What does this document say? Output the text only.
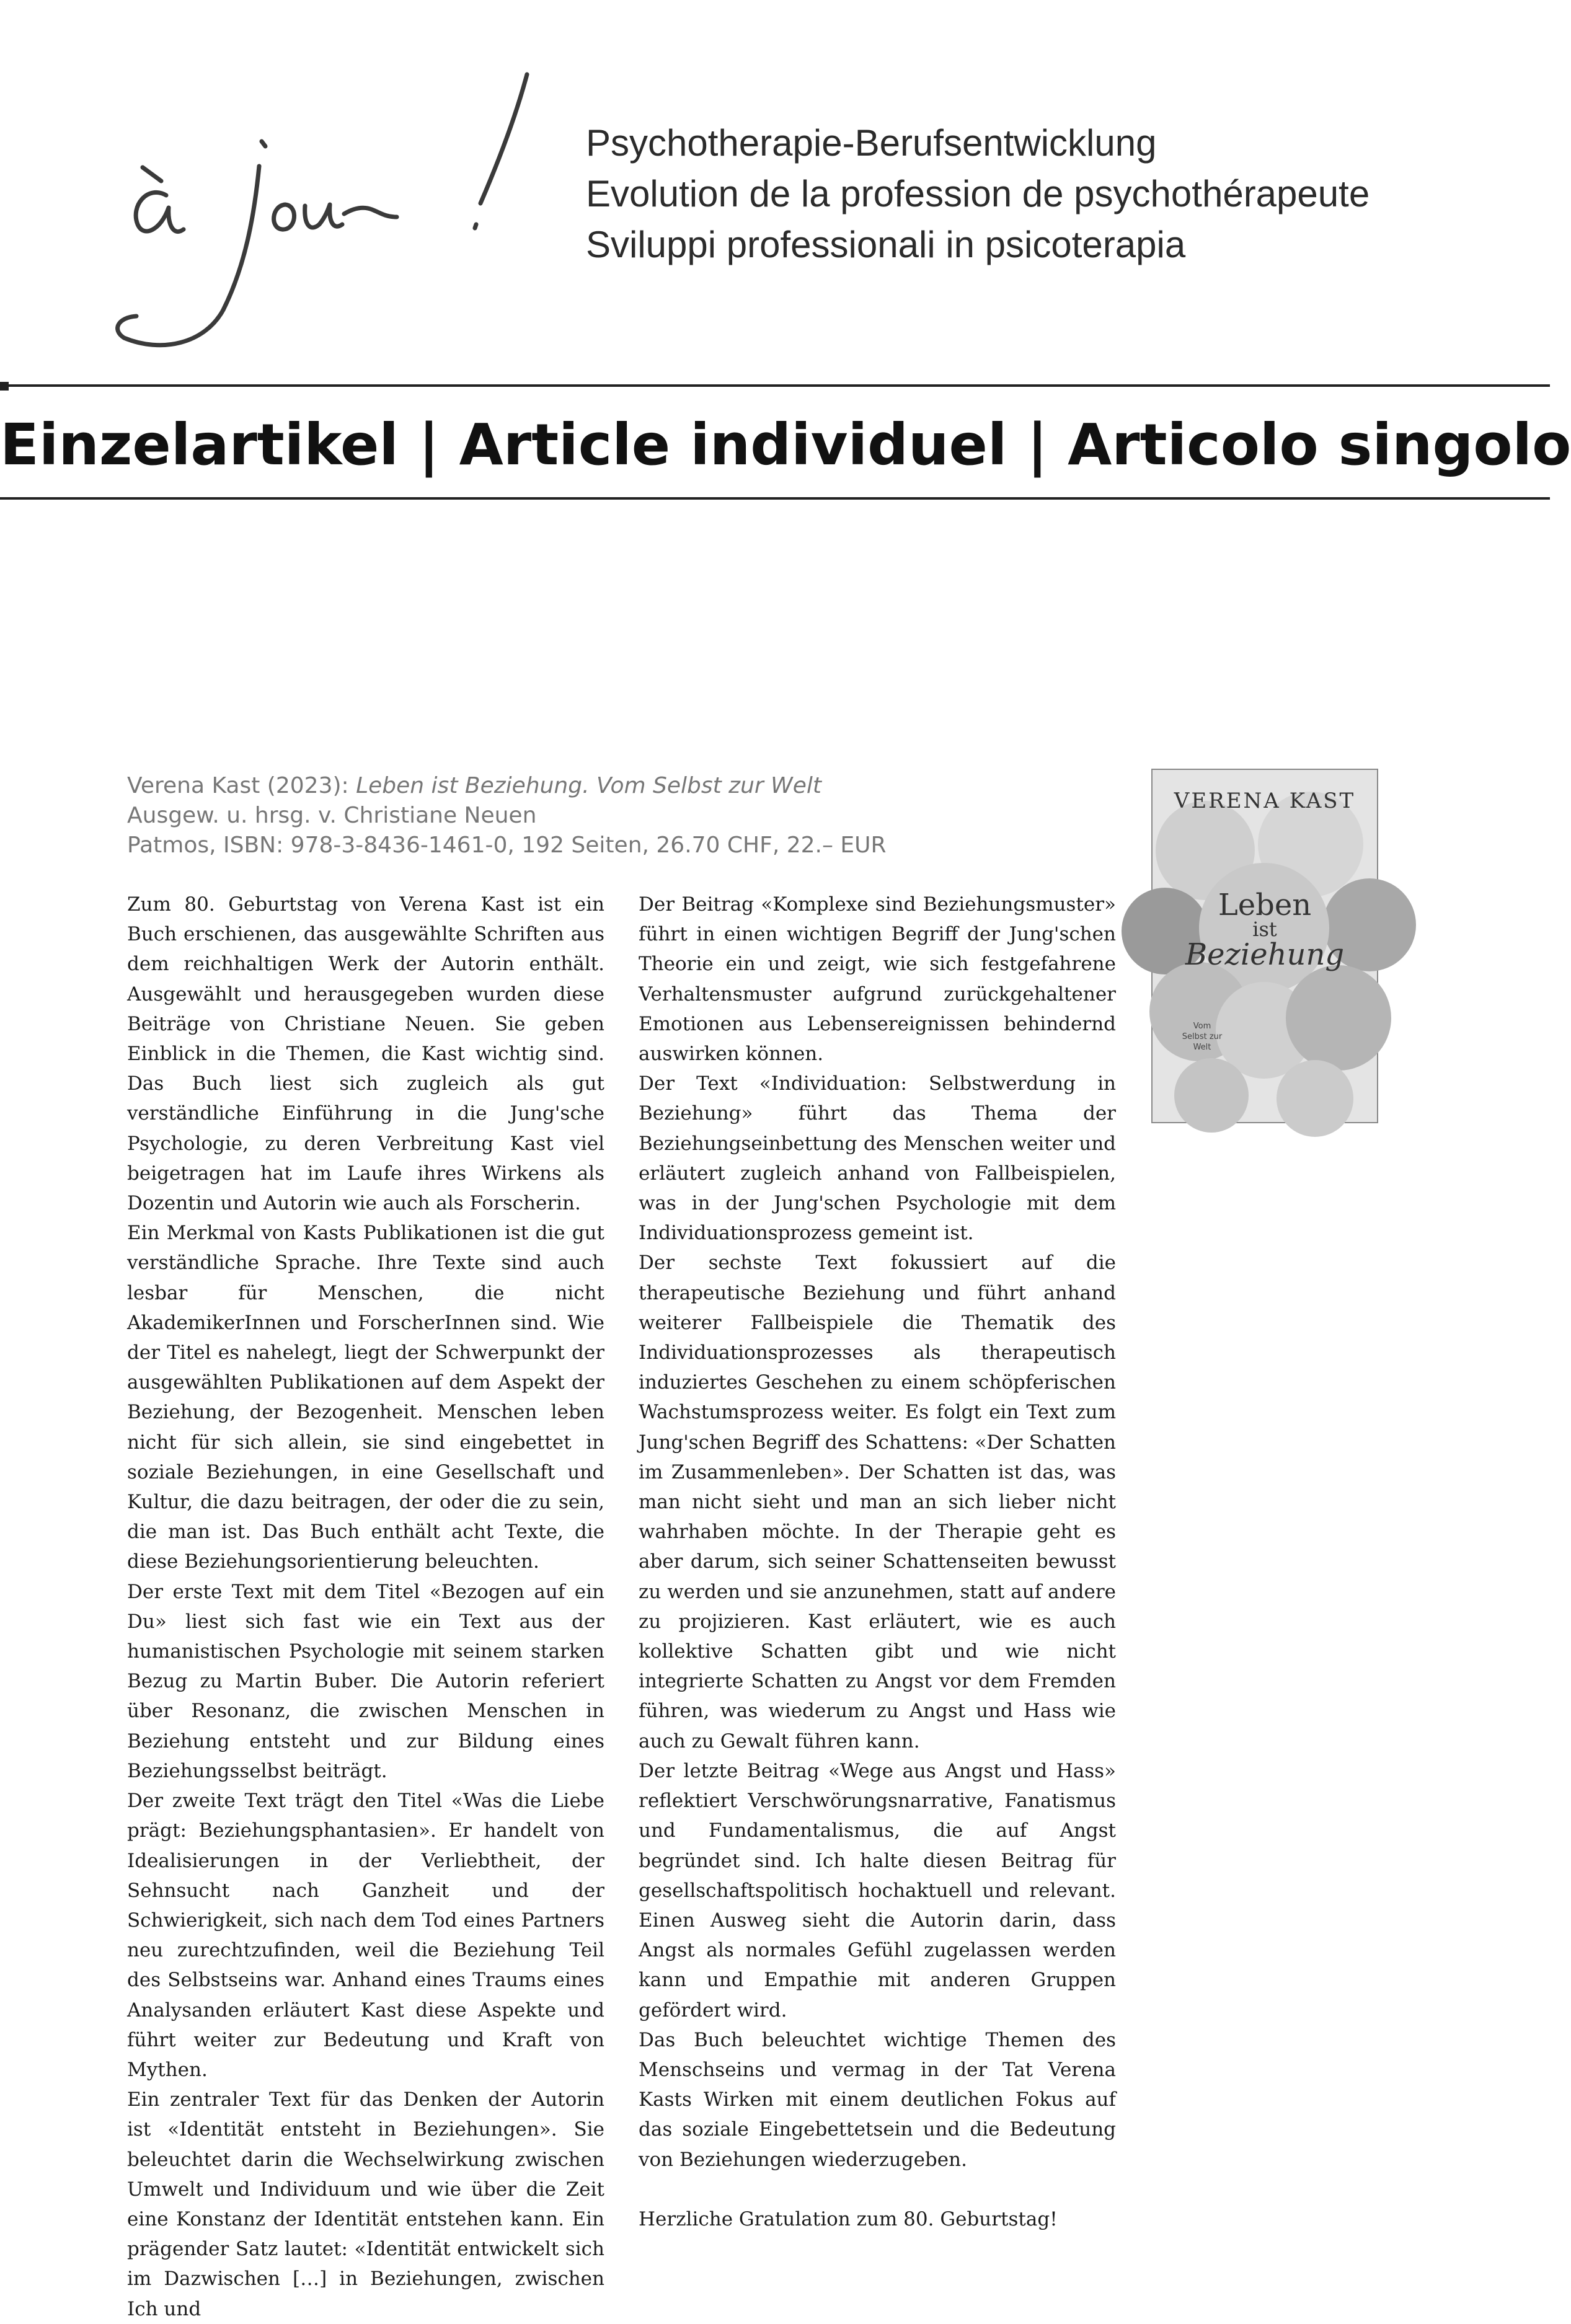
Psychotherapie-Berufsentwicklung
Evolution de la profession de psychothérapeute
Sviluppi professionali in psicoterapia
Einzelartikel | Article individuel | Articolo singolo
Verena Kast (2023): Leben ist Beziehung. Vom Selbst zur Welt
Ausgew. u. hrsg. v. Christiane Neuen
Patmos, ISBN: 978-3-8436-1461-0, 192 Seiten, 26.70 CHF, 22.– EUR
VERENA KAST
Leben
ist
Beziehung
Vom
Selbst zur
Welt

Zum 80. Geburtstag von Verena Kast ist ein Buch erschienen, das ausgewählte Schriften aus dem reichhaltigen Werk der Autorin enthält. Ausgewählt und herausgegeben wurden diese Beiträge von Christiane Neuen. Sie geben Einblick in die Themen, die Kast wichtig sind. Das Buch liest sich zugleich als gut verständliche Einführung in die Jung'sche Psychologie, zu deren Verbreitung Kast viel beigetragen hat im Laufe ihres Wirkens als Dozentin und Autorin wie auch als Forscherin.

Ein Merkmal von Kasts Publikationen ist die gut verständliche Sprache. Ihre Texte sind auch lesbar für Menschen, die nicht AkademikerInnen und ForscherInnen sind. Wie der Titel es nahelegt, liegt der Schwerpunkt der ausgewählten Publikationen auf dem Aspekt der Beziehung, der Bezogenheit. Menschen leben nicht für sich allein, sie sind eingebettet in soziale Beziehungen, in eine Gesellschaft und Kultur, die dazu beitragen, der oder die zu sein, die man ist. Das Buch enthält acht Texte, die diese Beziehungsorientierung beleuchten.

Der erste Text mit dem Titel «Bezogen auf ein Du» liest sich fast wie ein Text aus der humanistischen Psychologie mit seinem starken Bezug zu Martin Buber. Die Autorin referiert über Resonanz, die zwischen Menschen in Beziehung entsteht und zur Bildung eines Beziehungsselbst beiträgt.

Der zweite Text trägt den Titel «Was die Liebe prägt: Beziehungsphantasien». Er handelt von Idealisierungen in der Verliebtheit, der Sehnsucht nach Ganzheit und der Schwierigkeit, sich nach dem Tod eines Partners neu zurechtzufinden, weil die Beziehung Teil des Selbstseins war. Anhand eines Traums eines Analysanden erläutert Kast diese Aspekte und führt weiter zur Bedeutung und Kraft von Mythen.

Ein zentraler Text für das Denken der Autorin ist «Identität entsteht in Beziehungen». Sie beleuchtet darin die Wechselwirkung zwischen Umwelt und Individuum und wie über die Zeit eine Konstanz der Identität entstehen kann. Ein prägender Satz lautet: «Identität entwickelt sich im Dazwischen […] in Beziehungen, zwischen Ich und

Der Beitrag «Komplexe sind Beziehungsmuster» führt in einen wichtigen Begriff der Jung'schen Theorie ein und zeigt, wie sich festgefahrene Verhaltensmuster aufgrund zurückgehaltener Emotionen aus Lebensereignissen behindernd auswirken können.

Der Text «Individuation: Selbstwerdung in Beziehung» führt das Thema der Beziehungseinbettung des Menschen weiter und erläutert zugleich anhand von Fallbeispielen, was in der Jung'schen Psychologie mit dem Individuationsprozess gemeint ist.

Der sechste Text fokussiert auf die therapeutische Beziehung und führt anhand weiterer Fallbeispiele die Thematik des Individuationsprozesses als therapeutisch induziertes Geschehen zu einem schöpferischen Wachstumsprozess weiter. Es folgt ein Text zum Jung'schen Begriff des Schattens: «Der Schatten im Zusammenleben». Der Schatten ist das, was man nicht sieht und man an sich lieber nicht wahrhaben möchte. In der Therapie geht es aber darum, sich seiner Schattenseiten bewusst zu werden und sie anzunehmen, statt auf andere zu projizieren. Kast erläutert, wie es auch kollektive Schatten gibt und wie nicht integrierte Schatten zu Angst vor dem Fremden führen, was wiederum zu Angst und Hass wie auch zu Gewalt führen kann.

Der letzte Beitrag «Wege aus Angst und Hass» reflektiert Verschwörungsnarrative, Fanatismus und Fundamentalismus, die auf Angst begründet sind. Ich halte diesen Beitrag für gesellschaftspolitisch hochaktuell und relevant. Einen Ausweg sieht die Autorin darin, dass Angst als normales Gefühl zugelassen werden kann und Empathie mit anderen Gruppen gefördert wird.

Das Buch beleuchtet wichtige Themen des Menschseins und vermag in der Tat Verena Kasts Wirken mit einem deutlichen Fokus auf das soziale Eingebettetsein und die Bedeutung von Beziehungen wiederzugeben.

Herzliche Gratulation zum 80. Geburtstag!
